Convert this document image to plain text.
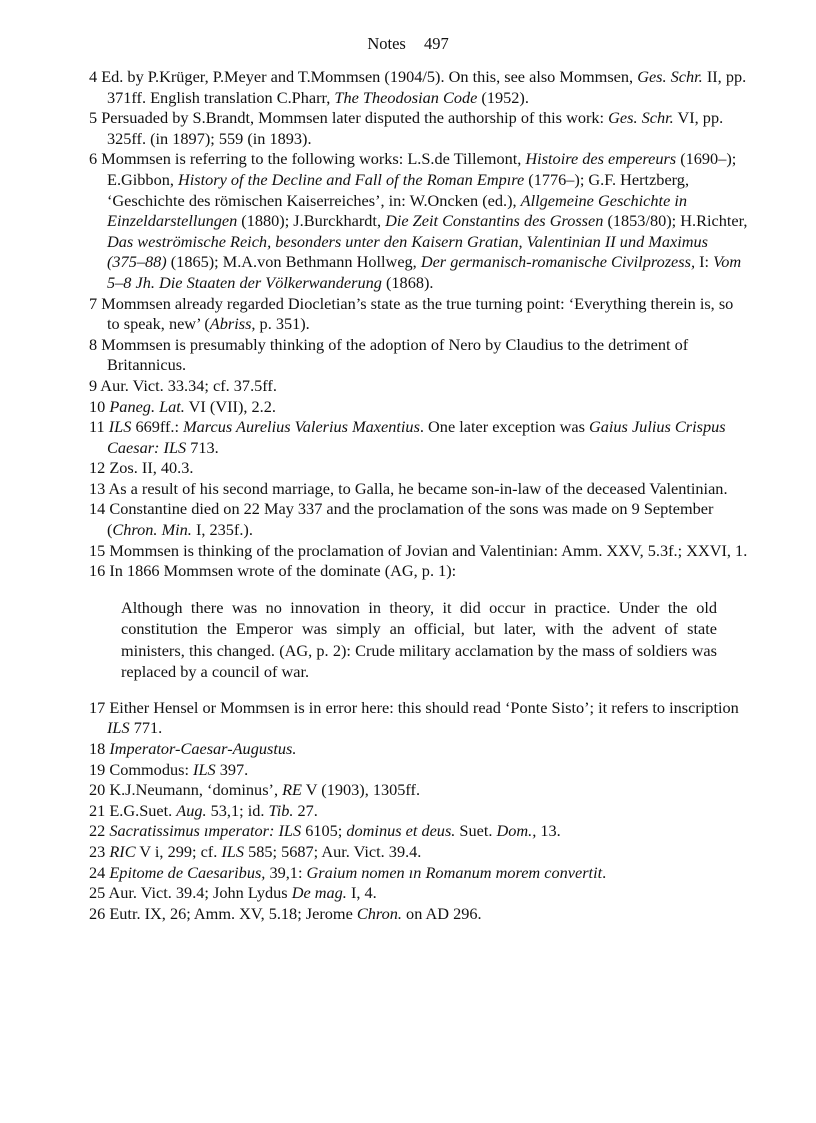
Notes 497

4 Ed. by P.Krüger, P.Meyer and T.Mommsen (1904/5). On this, see also Mommsen, Ges. Schr. II, pp. 371ff. English translation C.Pharr, The Theodosian Code (1952).

5 Persuaded by S.Brandt, Mommsen later disputed the authorship of this work: Ges. Schr. VI, pp. 325ff. (in 1897); 559 (in 1893).

6 Mommsen is referring to the following works: L.S.de Tillemont, Histoire des empereurs (1690–); E.Gibbon, History of the Decline and Fall of the Roman Empıre (1776–); G.F. Hertzberg, ‘Geschichte des römischen Kaiserreiches’, in: W.Oncken (ed.), Allgemeine Geschichte in Einzeldarstellungen (1880); J.Burckhardt, Die Zeit Constantins des Grossen (1853/80); H.Richter, Das weströmische Reich, besonders unter den Kaisern Gratian, Valentinian II und Maximus (375–88) (1865); M.A.von Bethmann Hollweg, Der germanisch-romanische Civilprozess, I: Vom 5–8 Jh. Die Staaten der Völkerwanderung (1868).

7 Mommsen already regarded Diocletian’s state as the true turning point: ‘Everything therein is, so to speak, new’ (Abriss, p. 351).

8 Mommsen is presumably thinking of the adoption of Nero by Claudius to the detriment of Britannicus.

9 Aur. Vict. 33.34; cf. 37.5ff.

10 Paneg. Lat. VI (VII), 2.2.

11 ILS 669ff.: Marcus Aurelius Valerius Maxentius. One later exception was Gaius Julius Crispus Caesar: ILS 713.

12 Zos. II, 40.3.

13 As a result of his second marriage, to Galla, he became son-in-law of the deceased Valentinian.

14 Constantine died on 22 May 337 and the proclamation of the sons was made on 9 September (Chron. Min. I, 235f.).

15 Mommsen is thinking of the proclamation of Jovian and Valentinian: Amm. XXV, 5.3f.; XXVI, 1.

16 In 1866 Mommsen wrote of the dominate (AG, p. 1):

Although there was no innovation in theory, it did occur in practice. Under the old constitution the Emperor was simply an official, but later, with the advent of state ministers, this changed. (AG, p. 2): Crude military acclamation by the mass of soldiers was replaced by a council of war.

17 Either Hensel or Mommsen is in error here: this should read ‘Ponte Sisto’; it refers to inscription ILS 771.

18 Imperator-Caesar-Augustus.

19 Commodus: ILS 397.

20 K.J.Neumann, ‘dominus’, RE V (1903), 1305ff.

21 E.G.Suet. Aug. 53,1; id. Tib. 27.

22 Sacratissimus ımperator: ILS 6105; dominus et deus. Suet. Dom., 13.

23 RIC V i, 299; cf. ILS 585; 5687; Aur. Vict. 39.4.

24 Epitome de Caesaribus, 39,1: Graium nomen ın Romanum morem convertit.

25 Aur. Vict. 39.4; John Lydus De mag. I, 4.

26 Eutr. IX, 26; Amm. XV, 5.18; Jerome Chron. on AD 296.
